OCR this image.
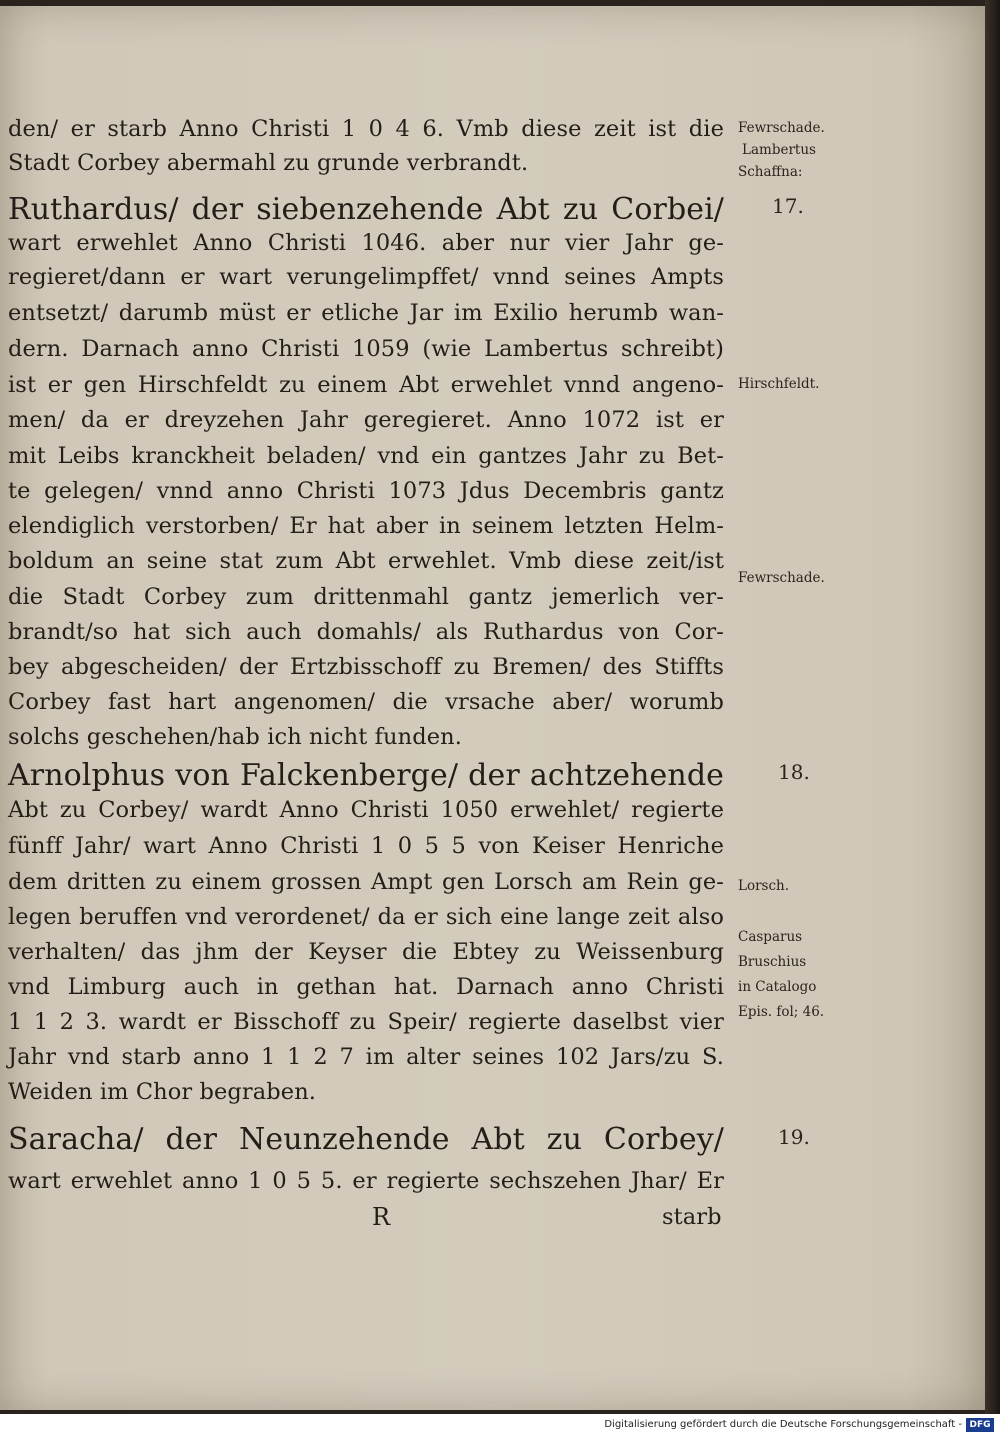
den/ er starb Anno Christi 1 0 4 6. Vmb diese zeit ist die
Stadt Corbey abermahl zu grunde verbrandt.
Ruthardus/ der siebenzehende Abt zu Corbei/
wart erwehlet Anno Christi 1046. aber nur vier Jahr ge-
regieret/dann er wart verungelimpffet/ vnnd seines Ampts
entsetzt/ darumb müst er etliche Jar im Exilio herumb wan-
dern. Darnach anno Christi 1059 (wie Lambertus schreibt)
ist er gen Hirschfeldt zu einem Abt erwehlet vnnd angeno-
men/ da er dreyzehen Jahr geregieret. Anno 1072 ist er
mit Leibs kranckheit beladen/ vnd ein gantzes Jahr zu Bet-
te gelegen/ vnnd anno Christi 1073 Jdus Decembris gantz
elendiglich verstorben/ Er hat aber in seinem letzten Helm-
boldum an seine stat zum Abt erwehlet. Vmb diese zeit/ist
die Stadt Corbey zum drittenmahl gantz jemerlich ver-
brandt/so hat sich auch domahls/ als Ruthardus von Cor-
bey abgescheiden/ der Ertzbisschoff zu Bremen/ des Stiffts
Corbey fast hart angenomen/ die vrsache aber/ worumb
solchs geschehen/hab ich nicht funden.
Arnolphus von Falckenberge/ der achtzehende
Abt zu Corbey/ wardt Anno Christi 1050 erwehlet/ regierte
fünff Jahr/ wart Anno Christi 1 0 5 5 von Keiser Henriche
dem dritten zu einem grossen Ampt gen Lorsch am Rein ge-
legen beruffen vnd verordenet/ da er sich eine lange zeit also
verhalten/ das jhm der Keyser die Ebtey zu Weissenburg
vnd Limburg auch in gethan hat. Darnach anno Christi
1 1 2 3. wardt er Bisschoff zu Speir/ regierte daselbst vier
Jahr vnd starb anno 1 1 2 7 im alter seines 102 Jars/zu S.
Weiden im Chor begraben.
Saracha/ der Neunzehende Abt zu Corbey/
wart erwehlet anno 1 0 5 5. er regierte sechszehen Jhar/ Er
R	starb
Fewrschade.
Lambertus
Schaffna:
17.
Hirschfeldt.
Fewrschade.
18.
Lorsch.
Casparus
Bruschius
in Catalogo
Epis. fol; 46.
19.
Digitalisierung gefördert durch die Deutsche Forschungsgemeinschaft - DFG
